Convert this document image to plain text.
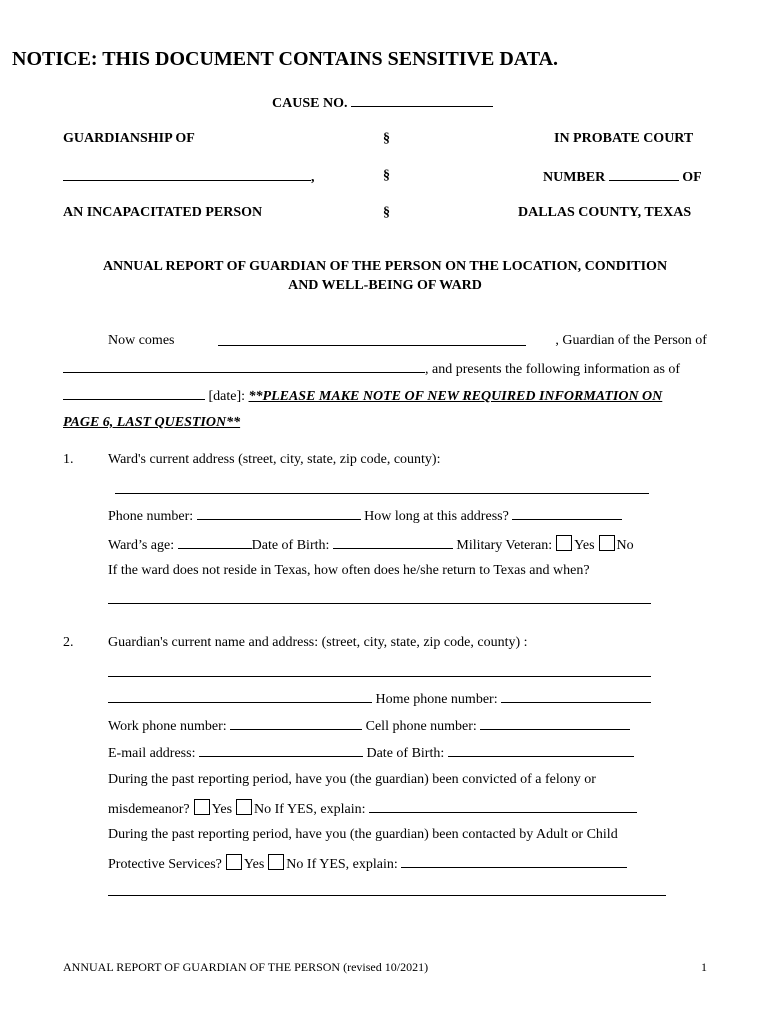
NOTICE: THIS DOCUMENT CONTAINS SENSITIVE DATA.
CAUSE NO.
GUARDIANSHIP OF	§	IN PROBATE COURT
,	§	NUMBER	OF
AN INCAPACITATED PERSON	§	DALLAS COUNTY, TEXAS
ANNUAL REPORT OF GUARDIAN OF THE PERSON ON THE LOCATION, CONDITION
AND WELL-BEING OF WARD
Now comes	, Guardian of the Person of
, and presents the following information as of
[date]: **PLEASE MAKE NOTE OF NEW REQUIRED INFORMATION ON
PAGE 6, LAST QUESTION**
1. Ward's current address (street, city, state, zip code, county):
Phone number:	How long at this address?
Ward’s age:	Date of Birth:	Military Veteran: Yes No
If the ward does not reside in Texas, how often does he/she return to Texas and when?
2. Guardian's current name and address: (street, city, state, zip code, county) :
Home phone number:
Work phone number:	Cell phone number:
E-mail address:	Date of Birth:
During the past reporting period, have you (the guardian) been convicted of a felony or
misdemeanor? Yes No If YES, explain:
During the past reporting period, have you (the guardian) been contacted by Adult or Child
Protective Services? Yes No If YES, explain:
ANNUAL REPORT OF GUARDIAN OF THE PERSON (revised 10/2021)	1
